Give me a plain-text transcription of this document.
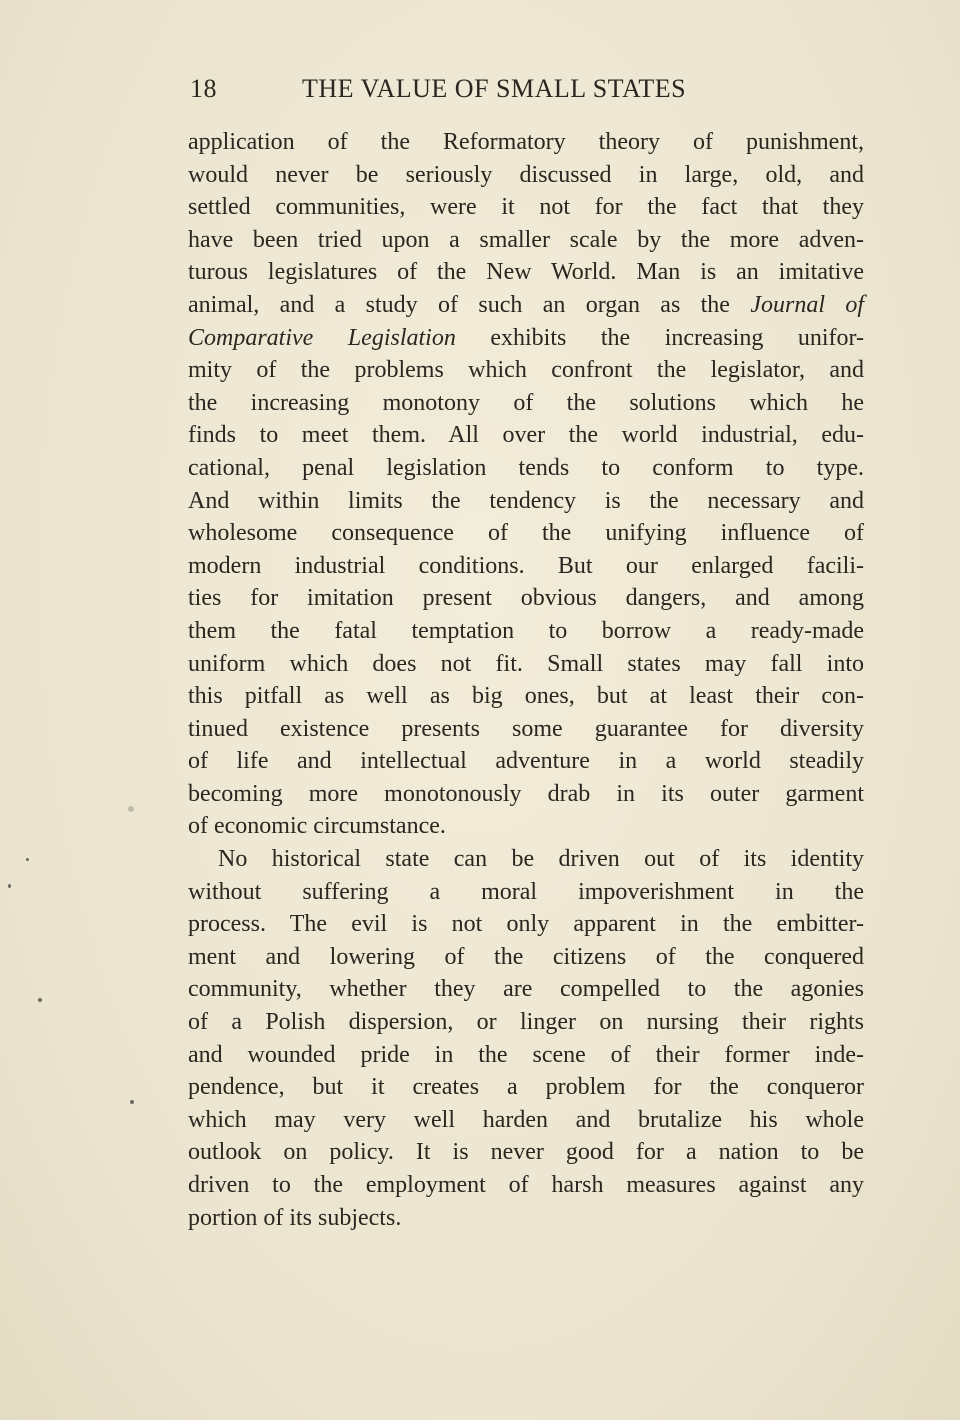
18	THE VALUE OF SMALL STATES
application of the Reformatory theory of punishment,
would never be seriously discussed in large, old, and
settled communities, were it not for the fact that they
have been tried upon a smaller scale by the more adven-
turous legislatures of the New World. Man is an imitative
animal, and a study of such an organ as the Journal of
Comparative Legislation exhibits the increasing unifor-
mity of the problems which confront the legislator, and
the increasing monotony of the solutions which he
finds to meet them. All over the world industrial, edu-
cational, penal legislation tends to conform to type.
And within limits the tendency is the necessary and
wholesome consequence of the unifying influence of
modern industrial conditions. But our enlarged facili-
ties for imitation present obvious dangers, and among
them the fatal temptation to borrow a ready-made
uniform which does not fit. Small states may fall into
this pitfall as well as big ones, but at least their con-
tinued existence presents some guarantee for diversity
of life and intellectual adventure in a world steadily
becoming more monotonously drab in its outer garment
of economic circumstance.
No historical state can be driven out of its identity
without suffering a moral impoverishment in the
process. The evil is not only apparent in the embitter-
ment and lowering of the citizens of the conquered
community, whether they are compelled to the agonies
of a Polish dispersion, or linger on nursing their rights
and wounded pride in the scene of their former inde-
pendence, but it creates a problem for the conqueror
which may very well harden and brutalize his whole
outlook on policy. It is never good for a nation to be
driven to the employment of harsh measures against any
portion of its subjects.
